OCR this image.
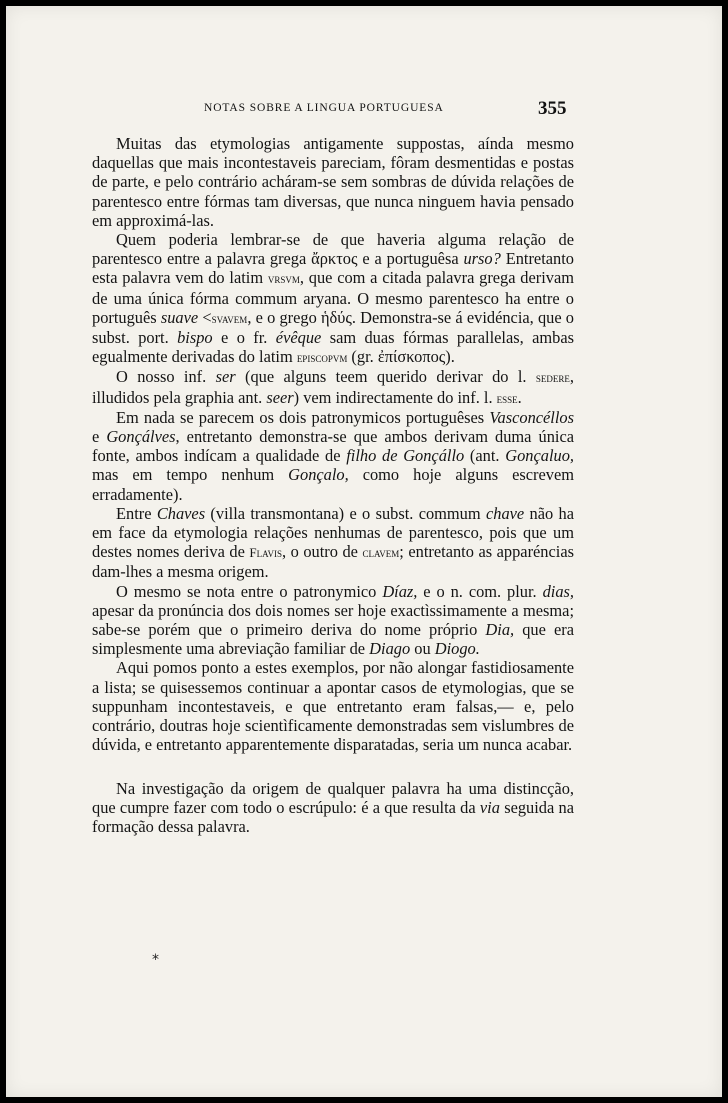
NOTAS SOBRE A LINGUA PORTUGUESA	355

Muitas das etymologias antigamente suppostas, aínda mesmo daquellas que mais incontestaveis pareciam, fôram desmentidas e postas de parte, e pelo contrário acháram-se sem sombras de dúvida relações de parentesco entre fórmas tam diversas, que nunca ninguem havia pensado em approximá-las.

Quem poderia lembrar-se de que haveria alguma relação de parentesco entre a palavra grega ἄρκτος e a portuguêsa urso? Entretanto esta palavra vem do latim vrsvm, que com a citada palavra grega derivam de uma única fórma commum aryana. O mesmo parentesco ha entre o português suave <svavem, e o grego ἡδύς. Demonstra-se á evidéncia, que o subst. port. bispo e o fr. évêque sam duas fórmas parallelas, ambas egualmente derivadas do latim episcopvm (gr. ἐπίσκοπος).

O nosso inf. ser (que alguns teem querido derivar do l. sedere, illudidos pela graphia ant. seer) vem indirectamente do inf. l. esse.

Em nada se parecem os dois patronymicos portuguêses Vasconcéllos e Gonçálves, entretanto demonstra-se que ambos derivam duma única fonte, ambos indícam a qualidade de filho de Gonçállo (ant. Gonçaluo, mas em tempo nenhum Gonçalo, como hoje alguns escrevem erradamente).

Entre Chaves (villa transmontana) e o subst. commum chave não ha em face da etymologia relações nenhumas de parentesco, pois que um destes nomes deriva de Flavis, o outro de clavem; entretanto as apparéncias dam-lhes a mesma origem.

O mesmo se nota entre o patronymico Díaz, e o n. com. plur. dias, apesar da pronúncia dos dois nomes ser hoje exactìssimamente a mesma; sabe-se porém que o primeiro deriva do nome próprio Dia, que era simplesmente uma abreviação familiar de Diago ou Diogo.

Aqui pomos ponto a estes exemplos, por não alongar fastidiosamente a lista; se quisessemos continuar a apontar casos de etymologias, que se suppunham incontestaveis, e que entretanto eram falsas,— e, pelo contrário, doutras hoje scientìficamente demonstradas sem vislumbres de dúvida, e entretanto apparentemente disparatadas, seria um nunca acabar.

Na investigação da origem de qualquer palavra ha uma distincção, que cumpre fazer com todo o escrúpulo: é a que resulta da via seguida na formação dessa palavra.

*
